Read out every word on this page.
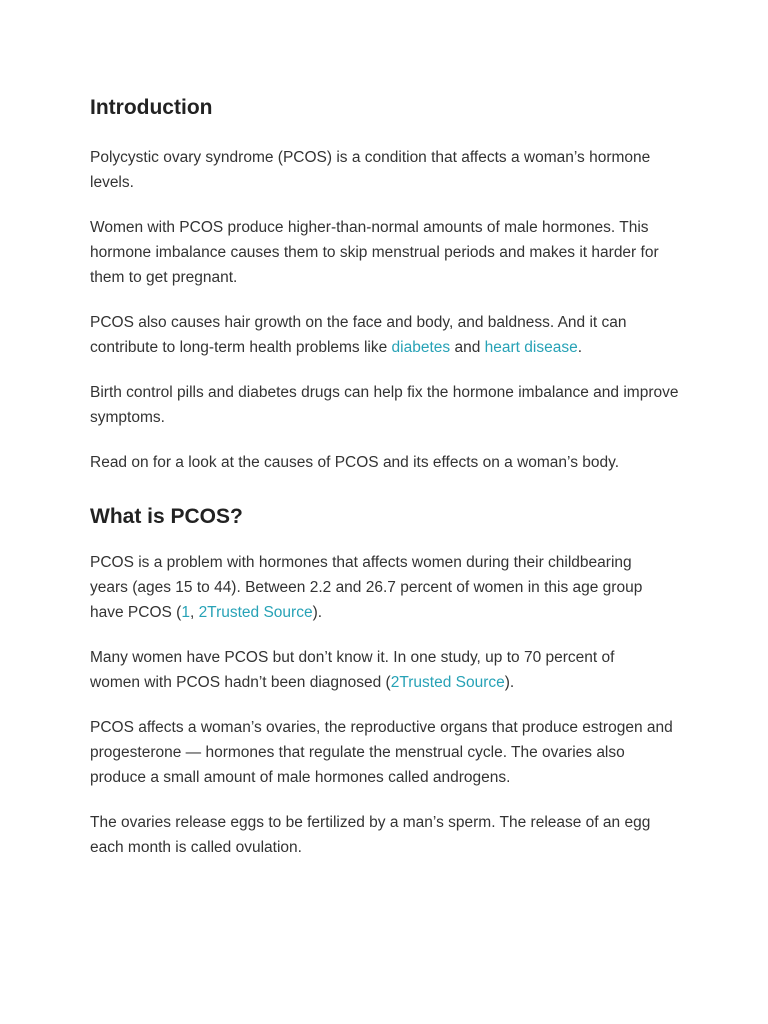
Introduction

Polycystic ovary syndrome (PCOS) is a condition that affects a woman’s hormone levels.

Women with PCOS produce higher-than-normal amounts of male hormones. This hormone imbalance causes them to skip menstrual periods and makes it harder for them to get pregnant.

PCOS also causes hair growth on the face and body, and baldness. And it can contribute to long-term health problems like diabetes and heart disease.

Birth control pills and diabetes drugs can help fix the hormone imbalance and improve symptoms.

Read on for a look at the causes of PCOS and its effects on a woman’s body.

What is PCOS?

PCOS is a problem with hormones that affects women during their childbearing years (ages 15 to 44). Between 2.2 and 26.7 percent of women in this age group have PCOS (1, 2Trusted Source).

Many women have PCOS but don’t know it. In one study, up to 70 percent of women with PCOS hadn’t been diagnosed (2Trusted Source).

PCOS affects a woman’s ovaries, the reproductive organs that produce estrogen and progesterone — hormones that regulate the menstrual cycle. The ovaries also produce a small amount of male hormones called androgens.

The ovaries release eggs to be fertilized by a man’s sperm. The release of an egg each month is called ovulation.
